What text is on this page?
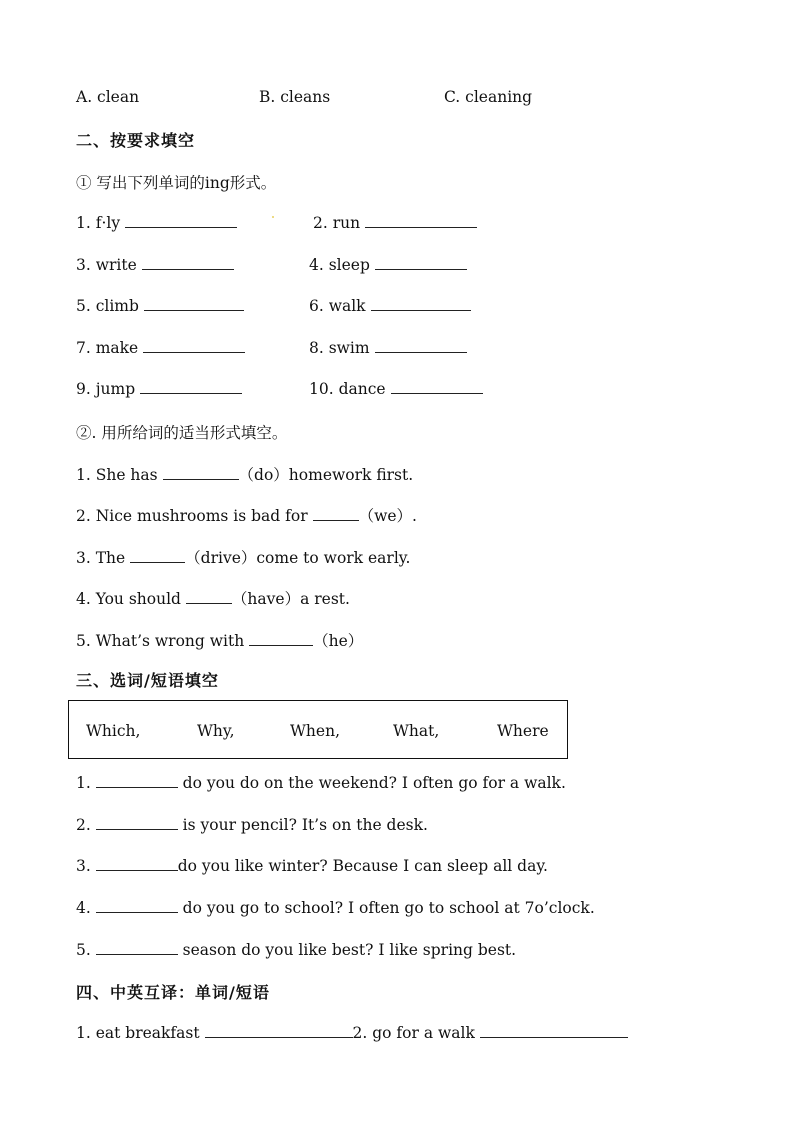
A. clean	B. cleans	C. cleaning
二、按要求填空
① 写出下列单词的ing形式。
1. f·ly	2. run
3. write	4. sleep
5. climb	6. walk
7. make	8. swim
9. jump	10. dance
②. 用所给词的适当形式填空。
1. She has	（do）homework first.
2. Nice mushrooms is bad for	（we）.
3. The	（drive）come to work early.
4. You should	（have）a rest.
5. What’s wrong with	（he）
三、选词/短语填空
Which,	Why,	When,	What,	Where
1.	do you do on the weekend? I often go for a walk.
2.	is your pencil? It’s on the desk.
3.	do you like winter? Because I can sleep all day.
4.	do you go to school? I often go to school at 7o’clock.
5.	season do you like best? I like spring best.
四、中英互译：单词/短语
1. eat breakfast	2. go for a walk
